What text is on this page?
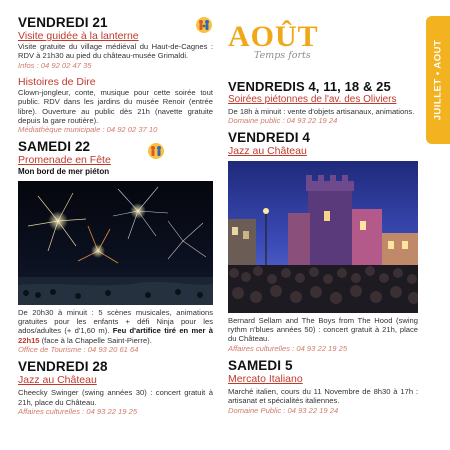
JUILLET • AOUT
VENDREDI 21
Visite guidée à la lanterne
Visite gratuite du village médiéval du Haut-de-Cagnes : RDV à 21h30 au pied du château-musée Grimaldi.
Infos : 04 92 02 47 35
Histoires de Dire
Clown-jongleur, conte, musique pour cette soirée tout public. RDV dans les jardins du musée Renoir (entrée libre). Ouverture au public dès 21h (navette gratuite depuis la gare routière).
Médiathèque municipale : 04 92 02 37 10
SAMEDI 22
Promenade en Fête
Mon bord de mer piéton
De 20h30 à minuit : 5 scènes musicales, animations gratuites pour les enfants + défi Ninja pour les ados/adultes (+ d'1,60 m). Feu d'artifice tiré en mer à 22h15 (face à la Chapelle Saint-Pierre).
Office de Tourisme : 04 93 20 61 64
VENDREDI 28
Jazz au Château
Cheecky Swinger (swing années 30) : concert gratuit à 21h, place du Château.
Affaires culturelles : 04 93 22 19 25
AOÛT
Temps forts
VENDREDIS 4, 11, 18 & 25
Soirées piétonnes de l'av. des Oliviers
De 18h à minuit : vente d'objets artisanaux, animations.
Domaine public : 04 93 22 19 24
VENDREDI 4
Jazz au Château
Bernard Sellam and The Boys from The Hood (swing rythm n'blues années 50) : concert gratuit à 21h, place du Château.
Affaires culturelles : 04 93 22 19 25
SAMEDI 5
Mercato Italiano
Marché italien, cours du 11 Novembre de 8h30 à 17h : artisanat et spécialités italiennes.
Domaine Public : 04 93 22 19 24
